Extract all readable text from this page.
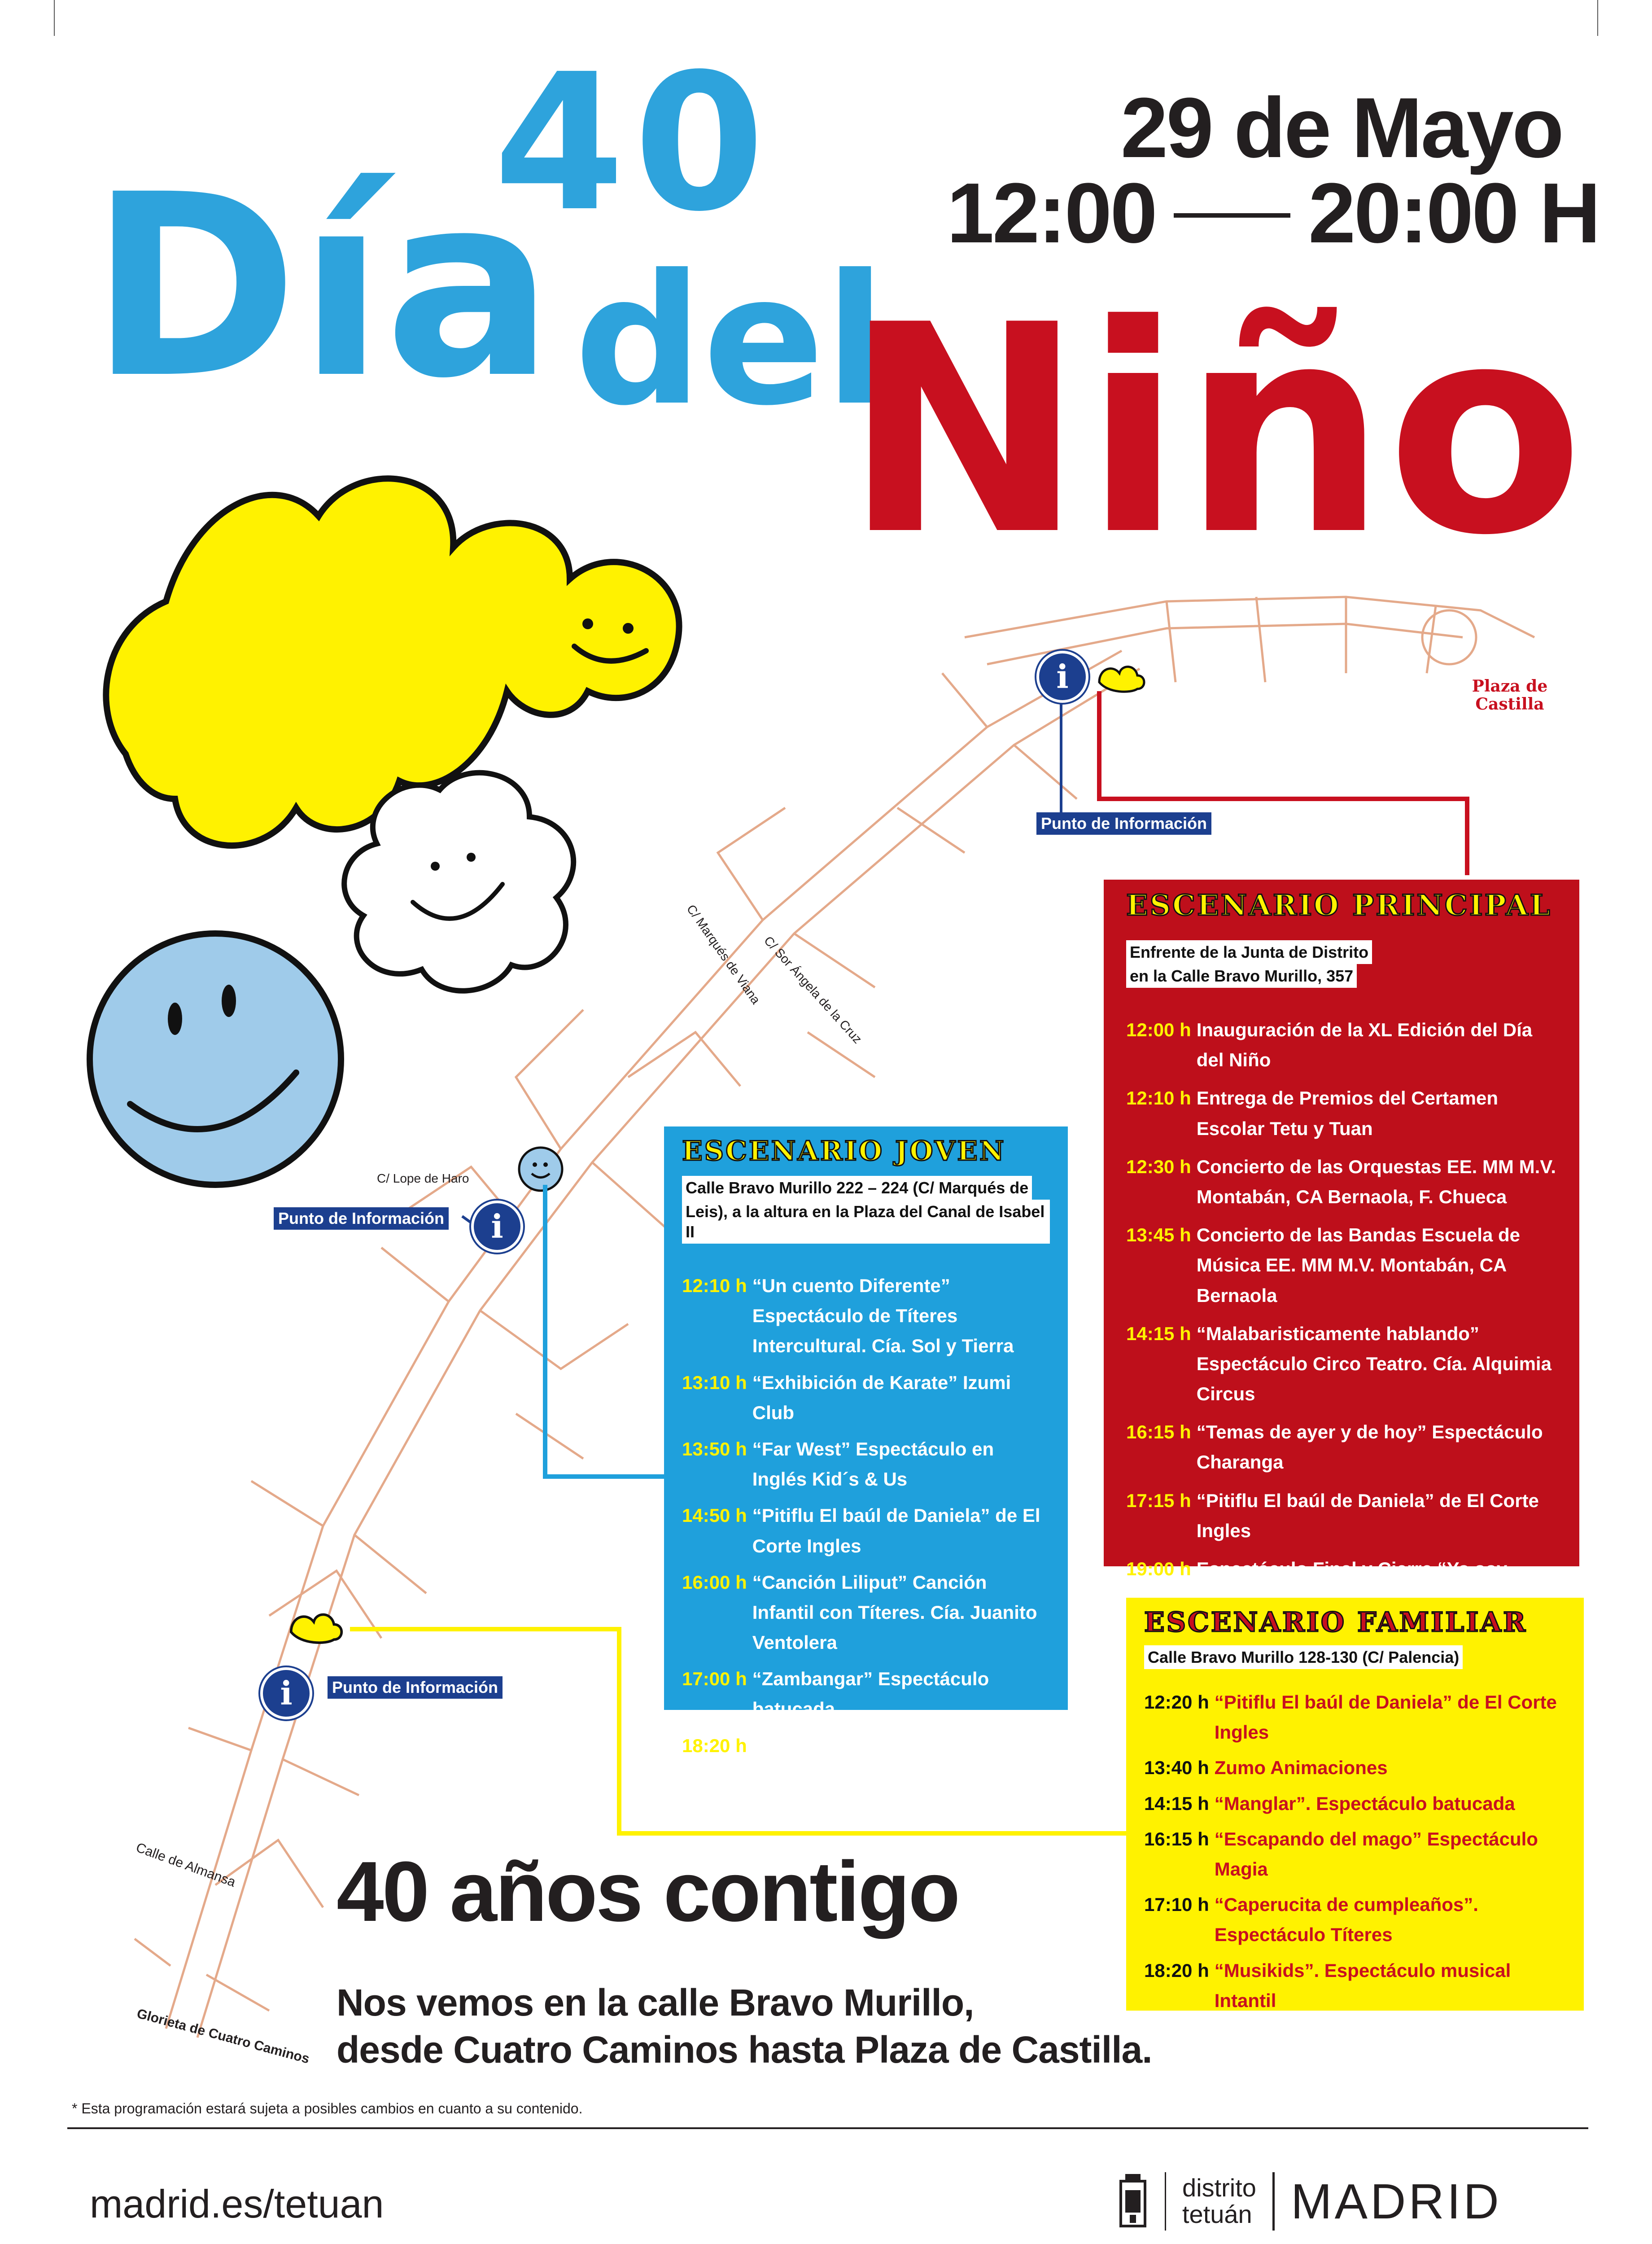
40
Día del
Niño
29 de Mayo
12:00 20:00 H
Plaza de Castilla
C/ Marqués de Viana
C/ Sor Ángela de la Cruz
C/ Lope de Haro
Calle de Almansa
Glorieta de Cuatro Caminos
i
Punto de Información
i
Punto de Información
i	Punto de Información
ESCENARIO PRINCIPAL
Enfrente de la Junta de Distrito
en la Calle Bravo Murillo, 357
12:00 h Inauguración de la XL Edición del Día del Niño
12:10 h Entrega de Premios del Certamen Escolar Tetu y Tuan
12:30 h Concierto de las Orquestas EE. MM M.V. Montabán, CA Bernaola, F. Chueca
13:45 h Concierto de las Bandas Escuela de Música EE. MM M.V. Montabán, CA Bernaola
14:15 h “Malabaristicamente hablando” Espectáculo Circo Teatro. Cía. Alquimia Circus
16:15 h “Temas de ayer y de hoy” Espectáculo Charanga
17:15 h “Pitiflu El baúl de Daniela” de El Corte Ingles
19:00 h Espectáculo Final y Cierre “Yo soy
ESCENARIO JOVEN
Calle Bravo Murillo 222 – 224 (C/ Marqués de
Leis), a la altura en la Plaza del Canal de Isabel II
12:10 h “Un cuento Diferente” Espectáculo de Títeres Intercultural. Cía. Sol y Tierra
13:10 h “Exhibición de Karate” Izumi Club
13:50 h “Far West” Espectáculo en Inglés Kid´s & Us
14:50 h “Pitiflu El baúl de Daniela” de El Corte Ingles
16:00 h “Canción Liliput” Canción Infantil con Títeres. Cía. Juanito Ventolera
17:00 h “Zambangar” Espectáculo batucada
18:20 h “Magia Potagía”. Espectáculo de Magia
ESCENARIO FAMILIAR
Calle Bravo Murillo 128-130 (C/ Palencia)
12:20 h “Pitiflu El baúl de Daniela” de El Corte Ingles
13:40 h Zumo Animaciones
14:15 h “Manglar”. Espectáculo batucada
16:15 h “Escapando del mago” Espectáculo Magia
17:10 h “Caperucita de cumpleaños”. Espectáculo Títeres
18:20 h “Musikids”. Espectáculo musical Intantil
40 años contigo
Nos vemos en la calle Bravo Murillo,
desde Cuatro Caminos hasta Plaza de Castilla.
* Esta programación estará sujeta a posibles cambios en cuanto a su contenido.
madrid.es/tetuan	distrito
tetuán MADRID
